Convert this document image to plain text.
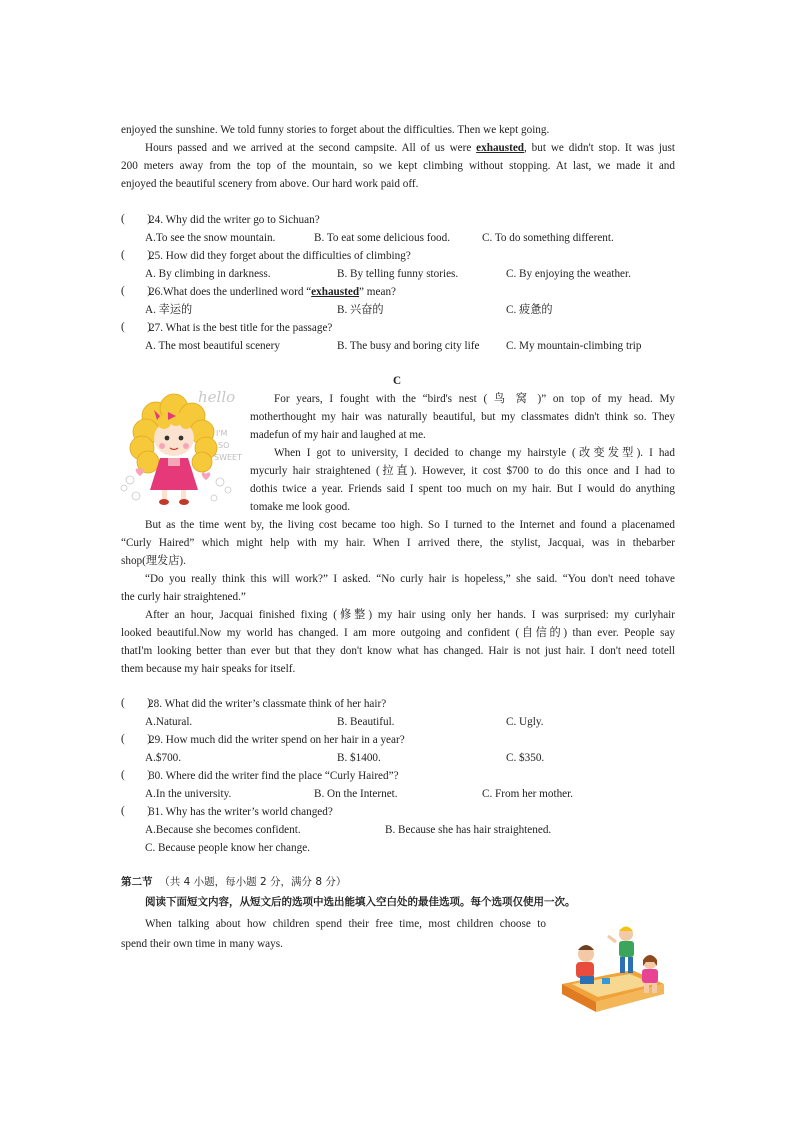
enjoyed the sunshine. We told funny stories to forget about the difficulties. Then we kept going.
Hours passed and we arrived at the second campsite. All of us were exhausted, but we didn't stop. It was just
200 meters away from the top of the mountain, so we kept climbing without stopping. At last, we made it and
enjoyed the beautiful scenery from above. Our hard work paid off.
(        )
24. Why did the writer go to Sichuan?
A.To see the snow mountain.	B. To eat some delicious food.	C. To do something different.
(        )
25. How did they forget about the difficulties of climbing?
A. By climbing in darkness.	B. By telling funny stories.	C. By enjoying the weather.
(        )
26.What does the underlined word “exhausted” mean?
A. 幸运的	B. 兴奋的	C. 疲惫的
(        )
27. What is the best title for the passage?
A. The most beautiful scenery	B. The busy and boring city life C. My mountain-climbing trip
C
hello
I'M
SO
SWEET
For years, I fought with the “bird's nest ( 鸟 窝 )” on top of my head. My
motherthought my hair was naturally beautiful, but my classmates didn't think so. They
madefun of my hair and laughed at me.
When I got to university, I decided to change my hairstyle (改变发型). I had
mycurly hair straightened (拉直). However, it cost $700 to do this once and I had to
dothis twice a year. Friends said I spent too much on my hair. But I would do anything
tomake me look good.
But as the time went by, the living cost became too high. So I turned to the Internet and found a placenamed
“Curly Haired” which might help with my hair. When I arrived there, the stylist, Jacquai, was in thebarber
shop(理发店).
“Do you really think this will work?” I asked. “No curly hair is hopeless,” she said. “You don't need tohave
the curly hair straightened.”
After an hour, Jacquai finished fixing (修整) my hair using only her hands. I was surprised: my curlyhair
looked beautiful.Now my world has changed. I am more outgoing and confident (自信的) than ever. People say
thatI'm looking better than ever but that they don't know what has changed. Hair is not just hair. I don't need totell
them because my hair speaks for itself.
(        )
28. What did the writer’s classmate think of her hair?
A.Natural.	B. Beautiful.	C. Ugly.
(        )
29. How much did the writer spend on her hair in a year?
A.$700.	B. $1400.	C. $350.
(        )
30. Where did the writer find the place “Curly Haired”?
A.In the university.	B. On the Internet.	C. From her mother.
(        )
31. Why has the writer’s world changed?
A.Because she becomes confident.	B. Because she has hair straightened.
C. Because people know her change.
第二节 （共 4 小题，每小题 2 分，满分 8 分）
阅读下面短文内容，从短文后的选项中选出能填入空白处的最佳选项。每个选项仅使用一次。
When talking about how children spend their free time, most children choose to
spend their own time in many ways.
